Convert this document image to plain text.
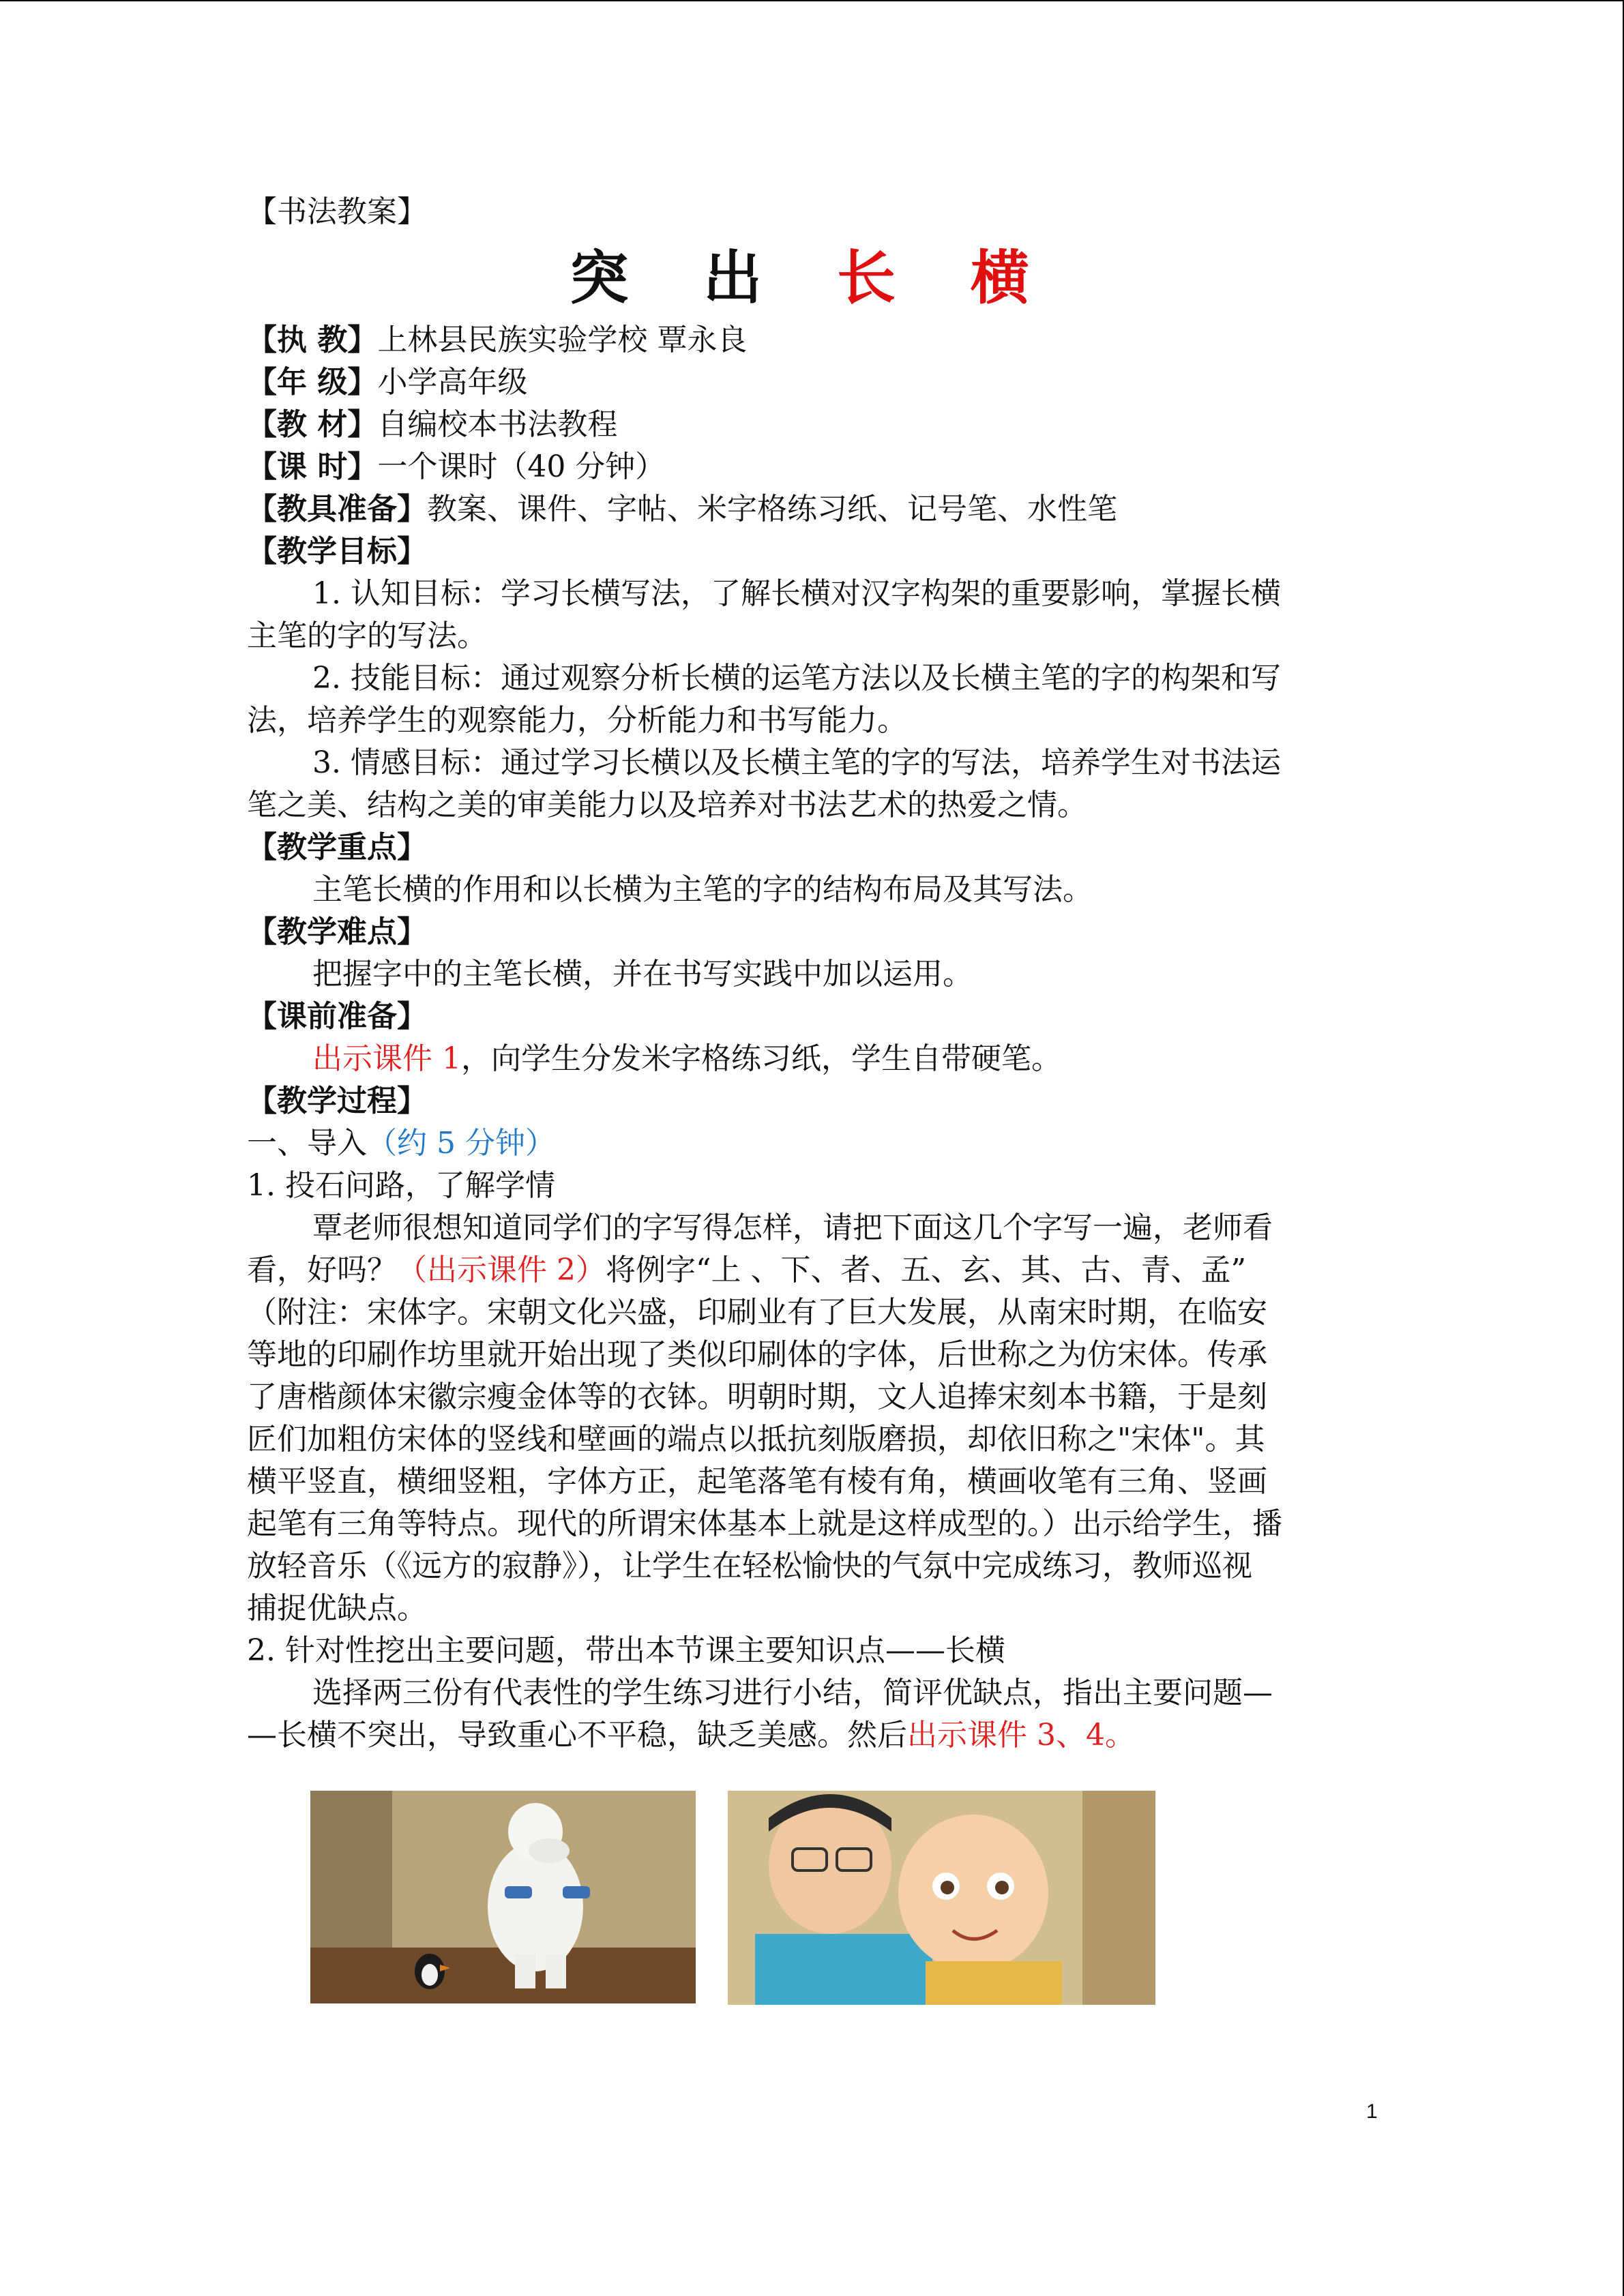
【书法教案】
突 出 长 横
【执 教】上林县民族实验学校 覃永良
【年 级】小学高年级
【教 材】自编校本书法教程
【课 时】一个课时（40 分钟）
【教具准备】教案、课件、字帖、米字格练习纸、记号笔、水性笔
【教学目标】
1. 认知目标：学习长横写法，了解长横对汉字构架的重要影响，掌握长横
主笔的字的写法。
2. 技能目标：通过观察分析长横的运笔方法以及长横主笔的字的构架和写
法，培养学生的观察能力，分析能力和书写能力。
3. 情感目标：通过学习长横以及长横主笔的字的写法，培养学生对书法运
笔之美、结构之美的审美能力以及培养对书法艺术的热爱之情。
【教学重点】
主笔长横的作用和以长横为主笔的字的结构布局及其写法。
【教学难点】
把握字中的主笔长横，并在书写实践中加以运用。
【课前准备】
出示课件 1，向学生分发米字格练习纸，学生自带硬笔。
【教学过程】
一、导入（约 5 分钟）
1. 投石问路，了解学情
覃老师很想知道同学们的字写得怎样，请把下面这几个字写一遍，老师看
看，好吗？（出示课件 2）将例字“上 、下、者、五、玄、其、古、青、孟”
（附注：宋体字。宋朝文化兴盛，印刷业有了巨大发展，从南宋时期，在临安
等地的印刷作坊里就开始出现了类似印刷体的字体，后世称之为仿宋体。传承
了唐楷颜体宋徽宗瘦金体等的衣钵。明朝时期，文人追捧宋刻本书籍，于是刻
匠们加粗仿宋体的竖线和壁画的端点以抵抗刻版磨损，却依旧称之"宋体"。其
横平竖直，横细竖粗，字体方正，起笔落笔有棱有角，横画收笔有三角、竖画
起笔有三角等特点。现代的所谓宋体基本上就是这样成型的。）出示给学生，播
放轻音乐（《远方的寂静》），让学生在轻松愉快的气氛中完成练习，教师巡视
捕捉优缺点。
2. 针对性挖出主要问题，带出本节课主要知识点——长横
选择两三份有代表性的学生练习进行小结，简评优缺点，指出主要问题—
—长横不突出，导致重心不平稳，缺乏美感。然后出示课件 3、4。
1
